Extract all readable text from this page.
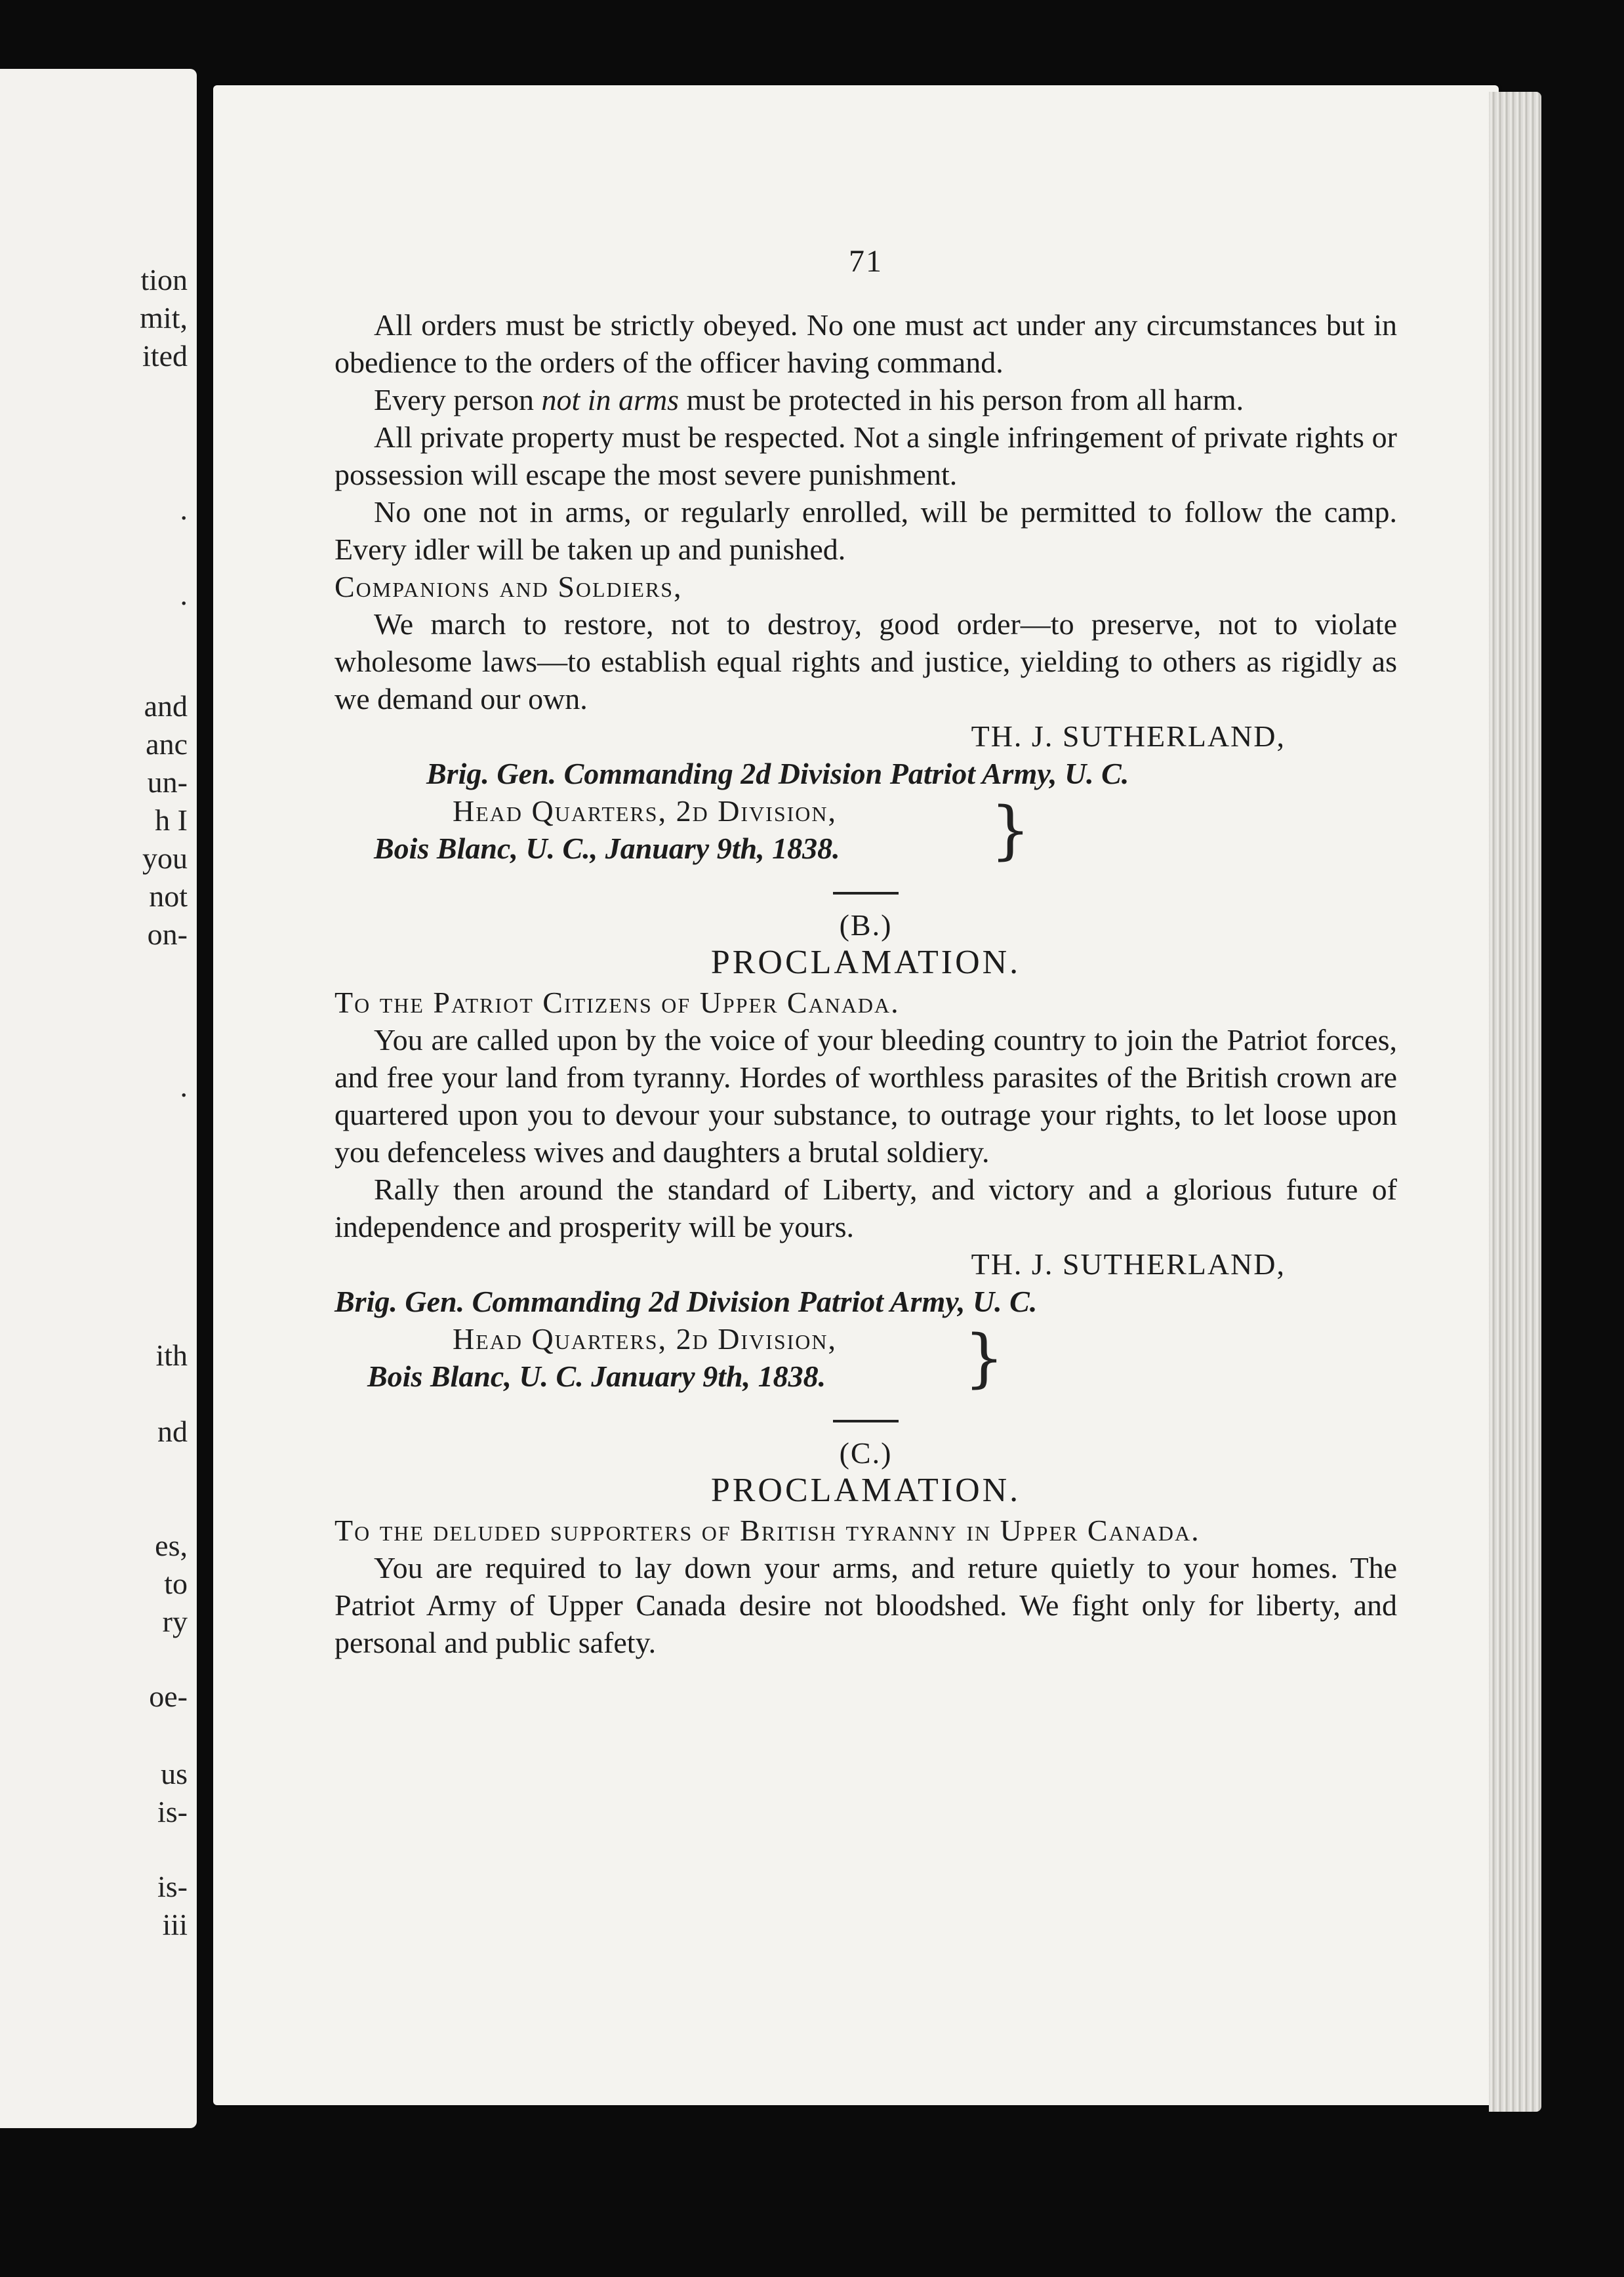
tion
mit,
ited
.
.
and
anc
un-
h I
you
not
on-
.
ith
nd
es,
to
ry
oe-
us
is-
is-
iii
71

All orders must be strictly obeyed. No one must act under any circumstances but in obedience to the orders of the officer having command.

Every person not in arms must be protected in his person from all harm.

All private property must be respected. Not a single infringement of private rights or possession will escape the most severe punishment.

No one not in arms, or regularly enrolled, will be permitted to follow the camp. Every idler will be taken up and punished.

Companions and Soldiers,

We march to restore, not to destroy, good order—to preserve, not to violate wholesome laws—to establish equal rights and justice, yielding to others as rigidly as we demand our own.

TH. J. SUTHERLAND,
Brig. Gen. Commanding 2d Division Patriot Army, U. C.
Head Quarters, 2d Division,
Bois Blanc, U. C., January 9th, 1838.	}
(B.)
PROCLAMATION.
To the Patriot Citizens of Upper Canada.

You are called upon by the voice of your bleeding country to join the Patriot forces, and free your land from tyranny. Hordes of worthless parasites of the British crown are quartered upon you to devour your substance, to outrage your rights, to let loose upon you defenceless wives and daughters a brutal soldiery.

Rally then around the standard of Liberty, and victory and a glorious future of independence and prosperity will be yours.

TH. J. SUTHERLAND,
Brig. Gen. Commanding 2d Division Patriot Army, U. C.
Head Quarters, 2d Division,
Bois Blanc, U. C. January 9th, 1838.	}
(C.)
PROCLAMATION.
To the deluded supporters of British tyranny in Upper Canada.

You are required to lay down your arms, and reture quietly to your homes. The Patriot Army of Upper Canada desire not bloodshed. We fight only for liberty, and personal and public safety.
